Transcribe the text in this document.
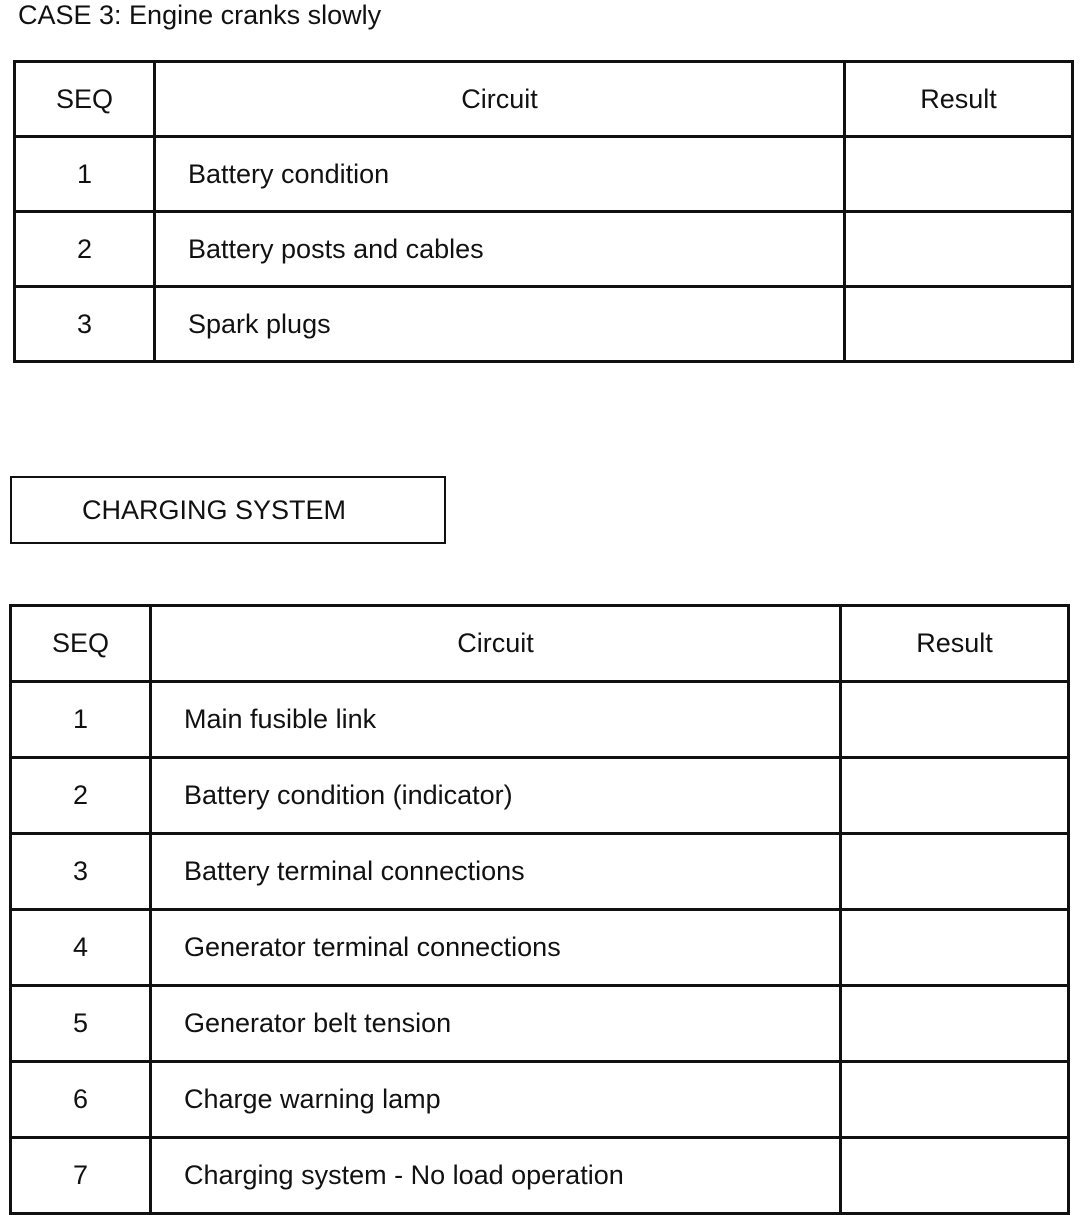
CASE 3: Engine cranks slowly
SEQ	Circuit	Result
1	Battery condition	
2	Battery posts and cables	
3	Spark plugs	
CHARGING SYSTEM
SEQ	Circuit	Result
1	Main fusible link	
2	Battery condition (indicator)	
3	Battery terminal connections	
4	Generator terminal connections	
5	Generator belt tension	
6	Charge warning lamp	
7	Charging system - No load operation	
